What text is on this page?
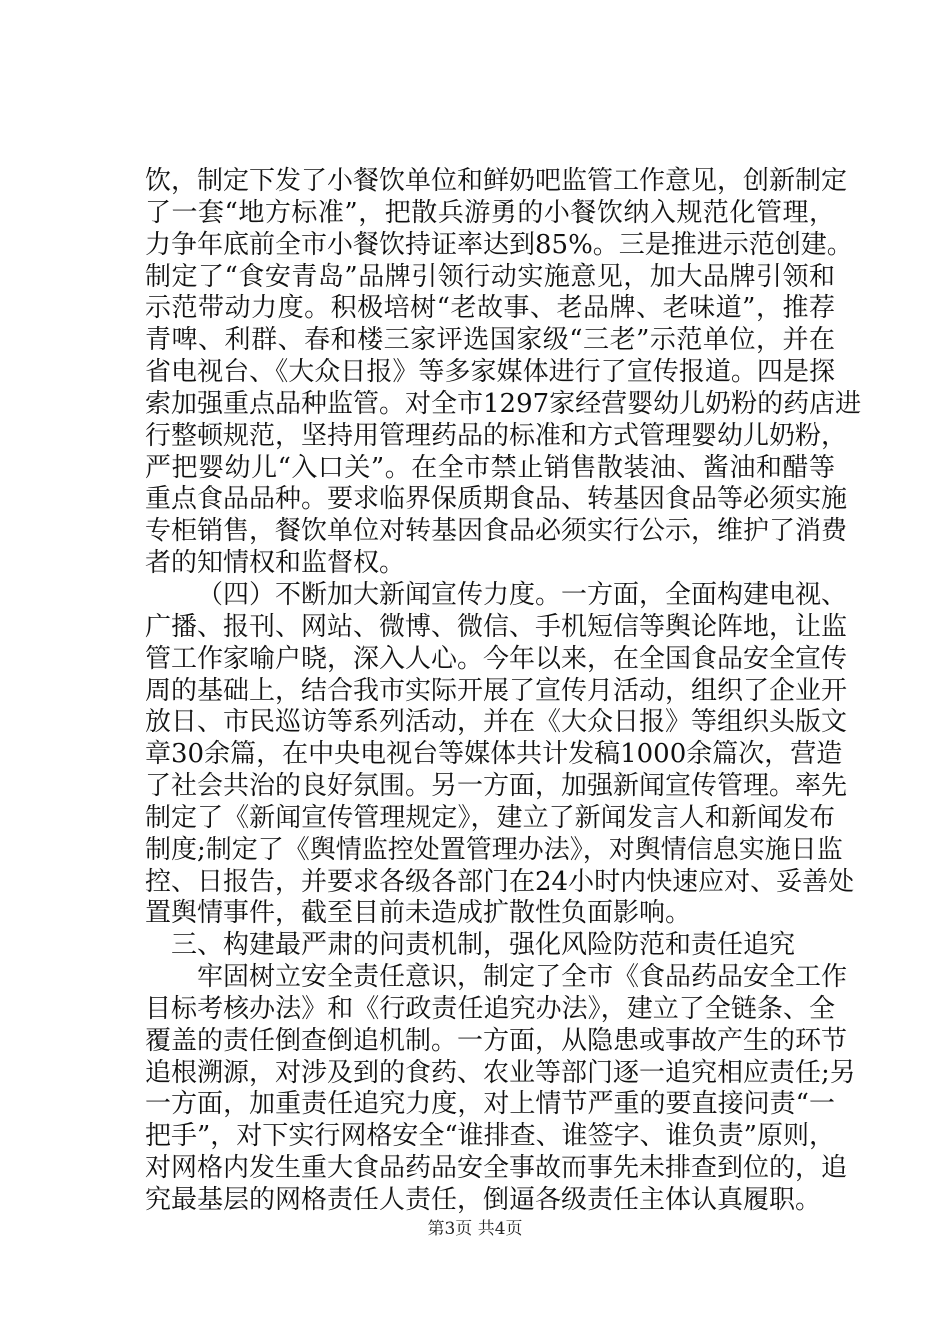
饮，制定下发了小餐饮单位和鲜奶吧监管工作意见，创新制定
了一套“地方标准”，把散兵游勇的小餐饮纳入规范化管理，
力争年底前全市小餐饮持证率达到85%。三是推进示范创建。
制定了“食安青岛”品牌引领行动实施意见，加大品牌引领和
示范带动力度。积极培树“老故事、老品牌、老味道”，推荐
青啤、利群、春和楼三家评选国家级“三老”示范单位，并在
省电视台、《大众日报》等多家媒体进行了宣传报道。四是探
索加强重点品种监管。对全市1297家经营婴幼儿奶粉的药店进
行整顿规范，坚持用管理药品的标准和方式管理婴幼儿奶粉，
严把婴幼儿“入口关”。在全市禁止销售散装油、酱油和醋等
重点食品品种。要求临界保质期食品、转基因食品等必须实施
专柜销售，餐饮单位对转基因食品必须实行公示，维护了消费
者的知情权和监督权。
（四）不断加大新闻宣传力度。一方面，全面构建电视、
广播、报刊、网站、微博、微信、手机短信等舆论阵地，让监
管工作家喻户晓，深入人心。今年以来，在全国食品安全宣传
周的基础上，结合我市实际开展了宣传月活动，组织了企业开
放日、市民巡访等系列活动，并在《大众日报》等组织头版文
章30余篇，在中央电视台等媒体共计发稿1000余篇次，营造
了社会共治的良好氛围。另一方面，加强新闻宣传管理。率先
制定了《新闻宣传管理规定》，建立了新闻发言人和新闻发布
制度;制定了《舆情监控处置管理办法》，对舆情信息实施日监
控、日报告，并要求各级各部门在24小时内快速应对、妥善处
置舆情事件，截至目前未造成扩散性负面影响。
三、构建最严肃的问责机制，强化风险防范和责任追究
牢固树立安全责任意识，制定了全市《食品药品安全工作
目标考核办法》和《行政责任追究办法》，建立了全链条、全
覆盖的责任倒查倒追机制。一方面，从隐患或事故产生的环节
追根溯源，对涉及到的食药、农业等部门逐一追究相应责任;另
一方面，加重责任追究力度，对上情节严重的要直接问责“一
把手”，对下实行网格安全“谁排查、谁签字、谁负责”原则，
对网格内发生重大食品药品安全事故而事先未排查到位的，追
究最基层的网格责任人责任，倒逼各级责任主体认真履职。
第3页 共4页
